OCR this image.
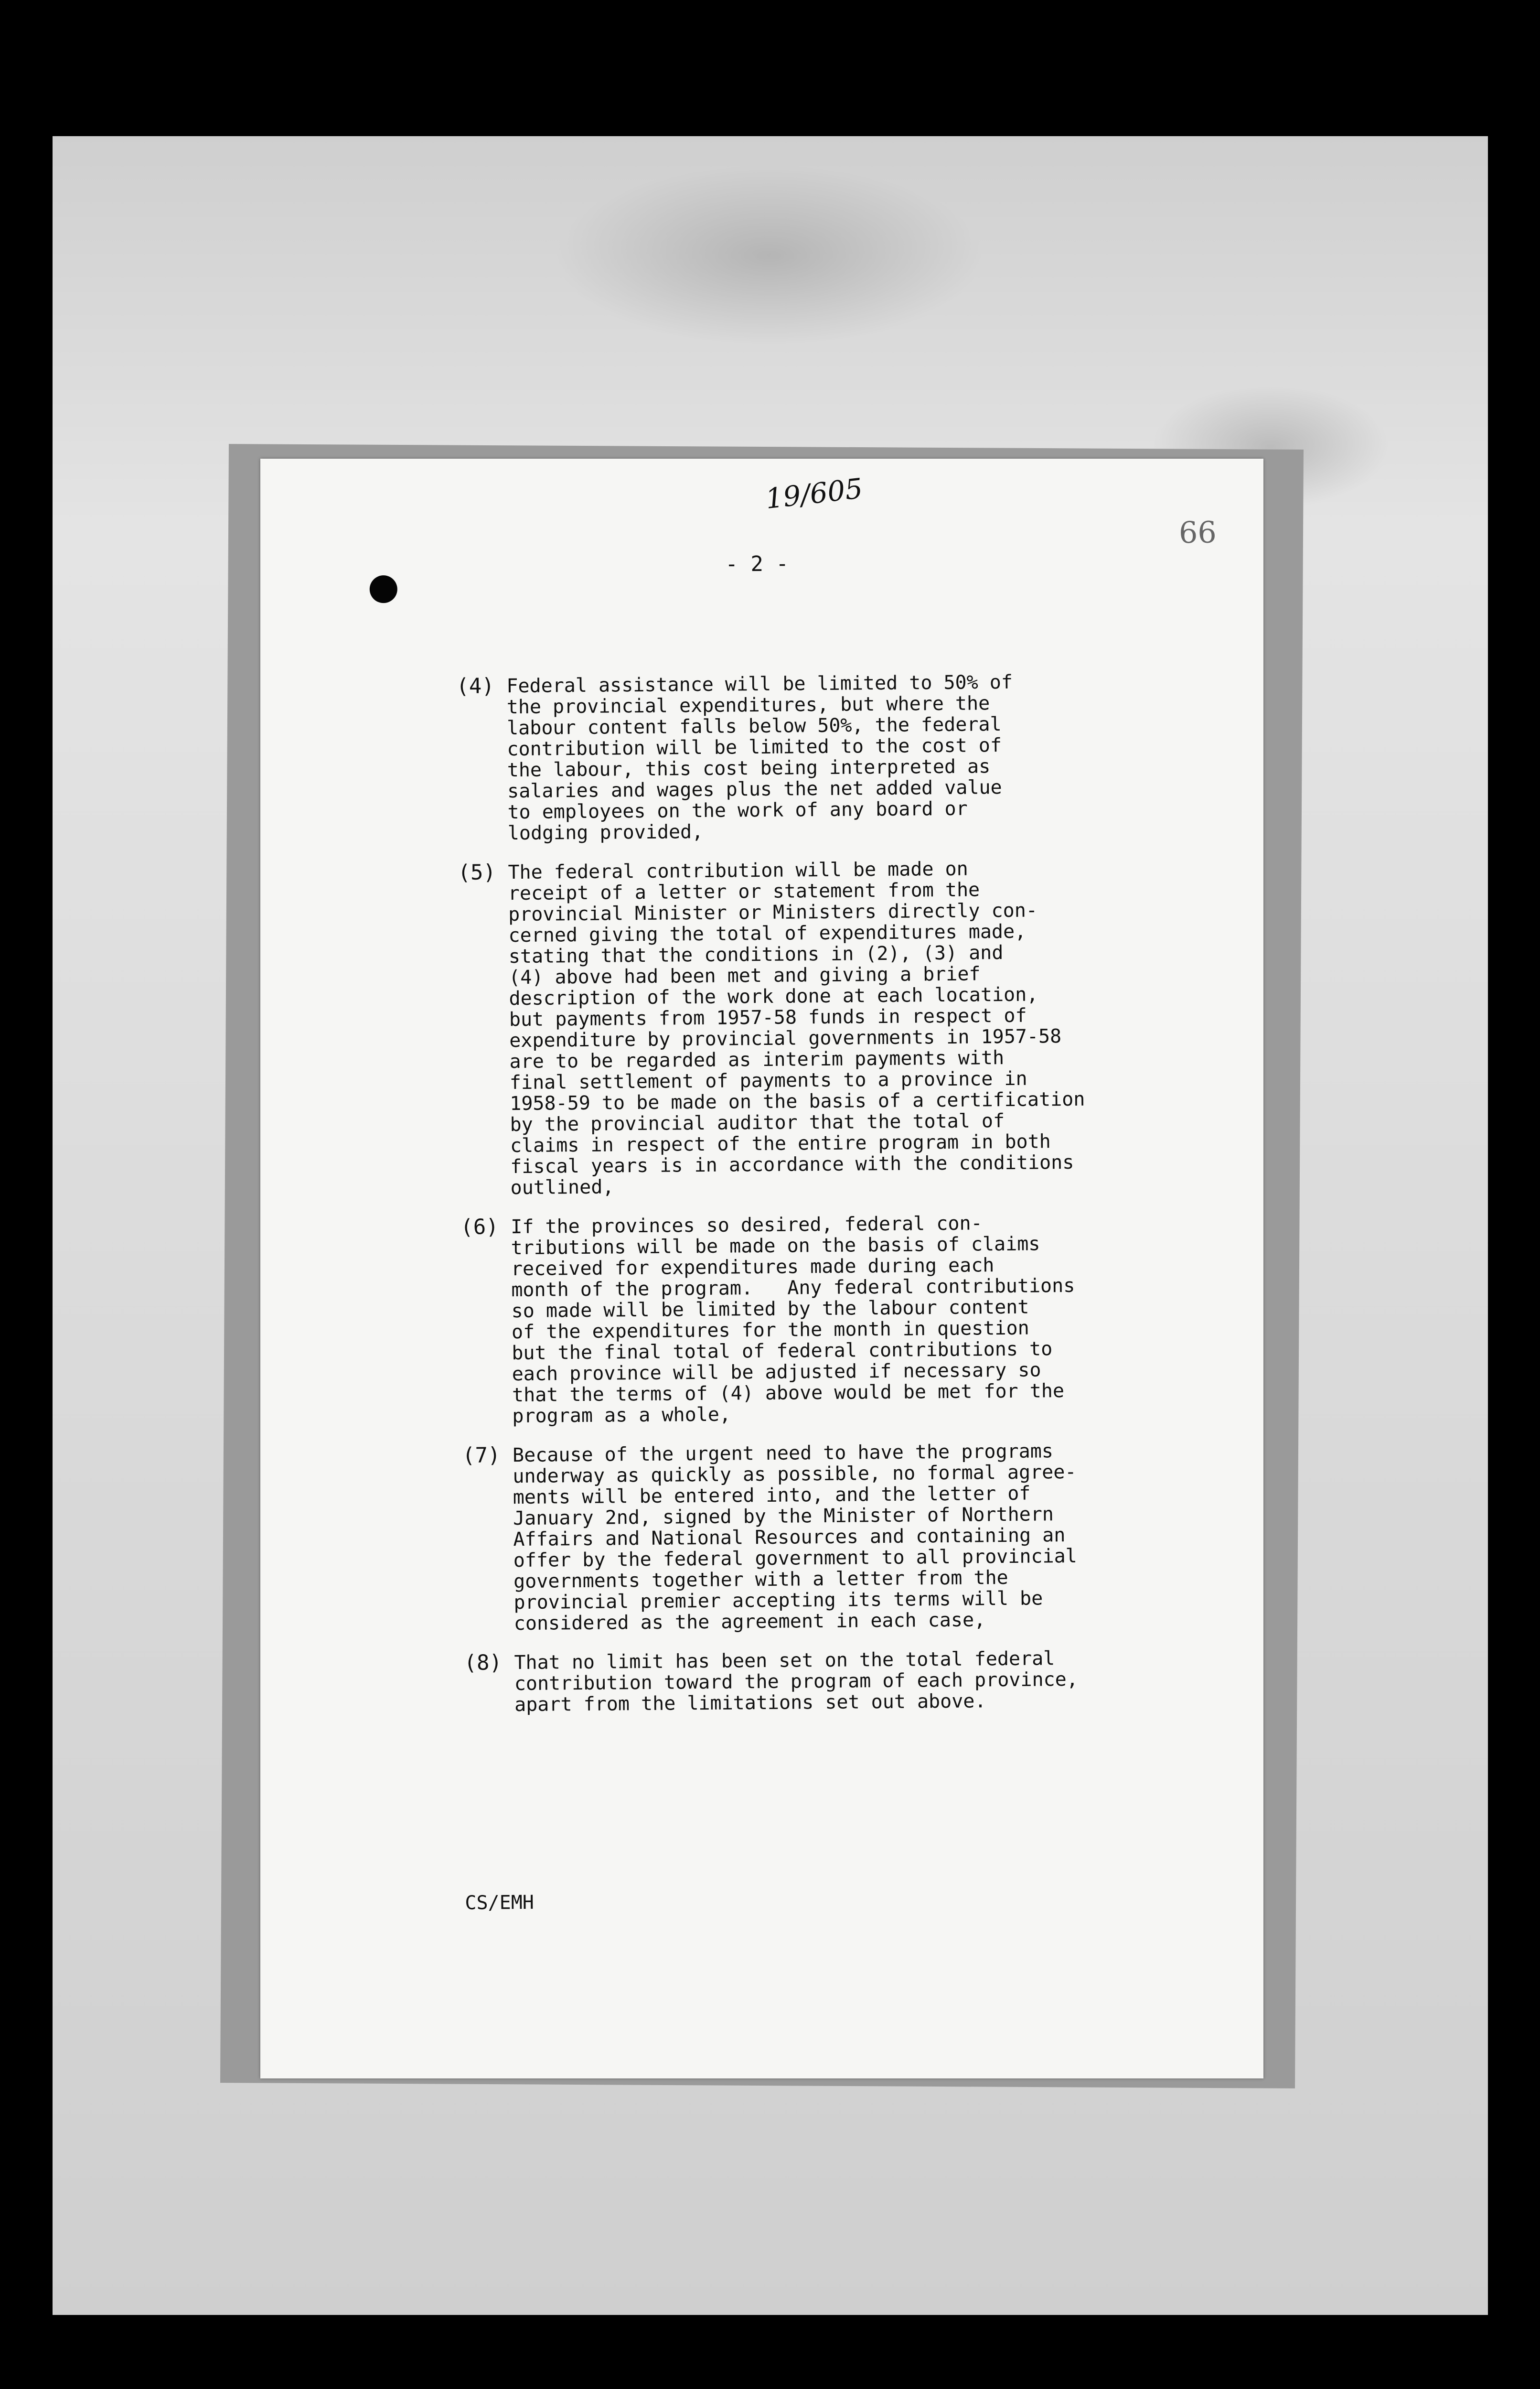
19/605
66
- 2 -
(4) Federal assistance will be limited to 50% of
the provincial expenditures, but where the
labour content falls below 50%, the federal
contribution will be limited to the cost of
the labour, this cost being interpreted as
salaries and wages plus the net added value
to employees on the work of any board or
lodging provided,
(5) The federal contribution will be made on
receipt of a letter or statement from the
provincial Minister or Ministers directly con-
cerned giving the total of expenditures made,
stating that the conditions in (2), (3) and
(4) above had been met and giving a brief
description of the work done at each location,
but payments from 1957-58 funds in respect of
expenditure by provincial governments in 1957-58
are to be regarded as interim payments with
final settlement of payments to a province in
1958-59 to be made on the basis of a certification
by the provincial auditor that the total of
claims in respect of the entire program in both
fiscal years is in accordance with the conditions
outlined,
(6) If the provinces so desired, federal con-
tributions will be made on the basis of claims
received for expenditures made during each
month of the program.   Any federal contributions
so made will be limited by the labour content
of the expenditures for the month in question
but the final total of federal contributions to
each province will be adjusted if necessary so
that the terms of (4) above would be met for the
program as a whole,
(7) Because of the urgent need to have the programs
underway as quickly as possible, no formal agree-
ments will be entered into, and the letter of
January 2nd, signed by the Minister of Northern
Affairs and National Resources and containing an
offer by the federal government to all provincial
governments together with a letter from the
provincial premier accepting its terms will be
considered as the agreement in each case,
(8) That no limit has been set on the total federal
contribution toward the program of each province,
apart from the limitations set out above.
CS/EMH
